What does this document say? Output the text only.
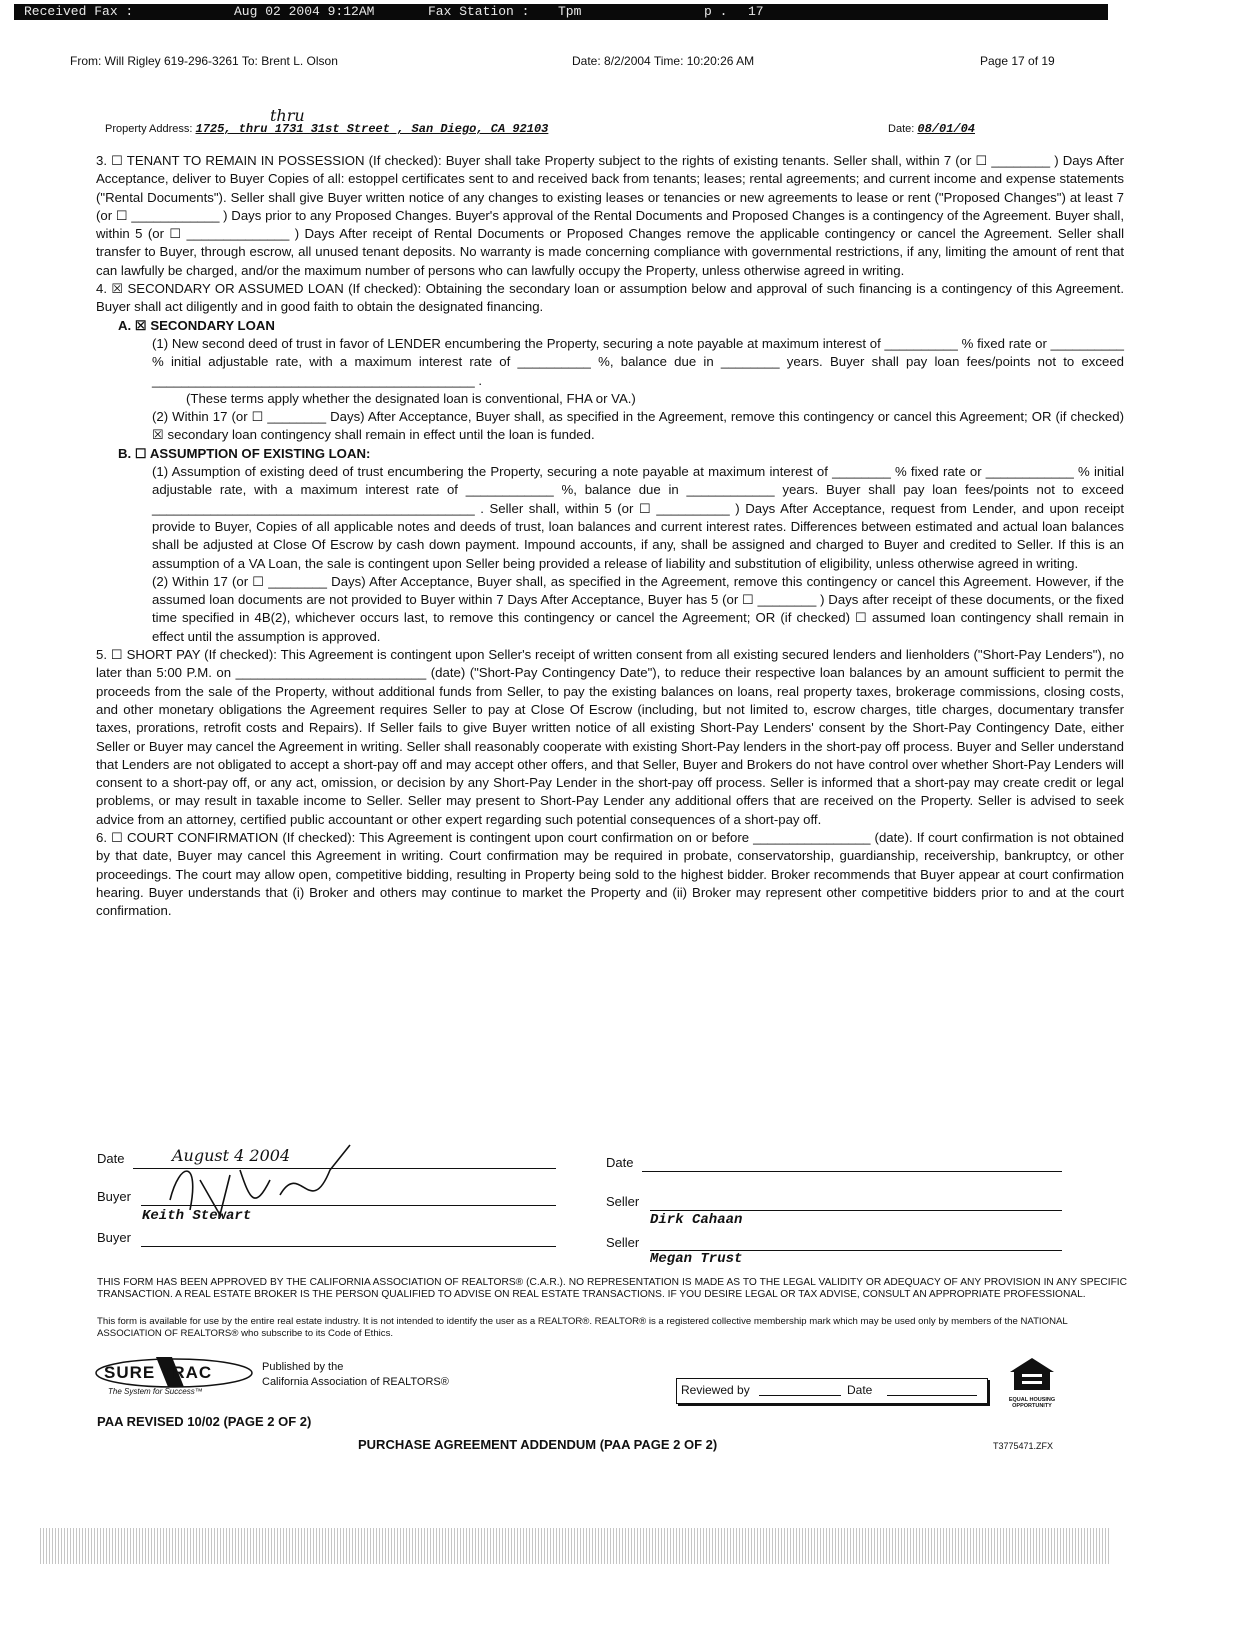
Received Fax :

	Aug 02 2004 9:12AM

	Fax Station :

Tpm

	p .

17

From: Will Rigley 619-296-3261 To: Brent L. Olson	Date: 8/2/2004 Time: 10:20:26 AM	Page 17 of 19
thru
Property Address: 1725, thru 1731 31st Street , San Diego, CA 92103	Date: 08/01/04

3. ☐ TENANT TO REMAIN IN POSSESSION (If checked): Buyer shall take Property subject to the rights of existing tenants. Seller shall, within 7 (or ☐ ________ ) Days After Acceptance, deliver to Buyer Copies of all: estoppel certificates sent to and received back from tenants; leases; rental agreements; and current income and expense statements ("Rental Documents"). Seller shall give Buyer written notice of any changes to existing leases or tenancies or new agreements to lease or rent ("Proposed Changes") at least 7 (or ☐ ____________ ) Days prior to any Proposed Changes. Buyer's approval of the Rental Documents and Proposed Changes is a contingency of the Agreement. Buyer shall, within 5 (or ☐ ______________ ) Days After receipt of Rental Documents or Proposed Changes remove the applicable contingency or cancel the Agreement. Seller shall transfer to Buyer, through escrow, all unused tenant deposits. No warranty is made concerning compliance with governmental restrictions, if any, limiting the amount of rent that can lawfully be charged, and/or the maximum number of persons who can lawfully occupy the Property, unless otherwise agreed in writing.

4. ☒ SECONDARY OR ASSUMED LOAN (If checked): Obtaining the secondary loan or assumption below and approval of such financing is a contingency of this Agreement. Buyer shall act diligently and in good faith to obtain the designated financing.

A. ☒ SECONDARY LOAN

(1) New second deed of trust in favor of LENDER encumbering the Property, securing a note payable at maximum interest of __________ % fixed rate or __________ % initial adjustable rate, with a maximum interest rate of __________ %, balance due in ________ years. Buyer shall pay loan fees/points not to exceed ____________________________________________ .

(These terms apply whether the designated loan is conventional, FHA or VA.)

(2) Within 17 (or ☐ ________ Days) After Acceptance, Buyer shall, as specified in the Agreement, remove this contingency or cancel this Agreement; OR (if checked) ☒ secondary loan contingency shall remain in effect until the loan is funded.

B. ☐ ASSUMPTION OF EXISTING LOAN:

(1) Assumption of existing deed of trust encumbering the Property, securing a note payable at maximum interest of ________ % fixed rate or ____________ % initial adjustable rate, with a maximum interest rate of ____________ %, balance due in ____________ years. Buyer shall pay loan fees/points not to exceed ____________________________________________ . Seller shall, within 5 (or ☐ __________ ) Days After Acceptance, request from Lender, and upon receipt provide to Buyer, Copies of all applicable notes and deeds of trust, loan balances and current interest rates. Differences between estimated and actual loan balances shall be adjusted at Close Of Escrow by cash down payment. Impound accounts, if any, shall be assigned and charged to Buyer and credited to Seller. If this is an assumption of a VA Loan, the sale is contingent upon Seller being provided a release of liability and substitution of eligibility, unless otherwise agreed in writing.

(2) Within 17 (or ☐ ________ Days) After Acceptance, Buyer shall, as specified in the Agreement, remove this contingency or cancel this Agreement. However, if the assumed loan documents are not provided to Buyer within 7 Days After Acceptance, Buyer has 5 (or ☐ ________ ) Days after receipt of these documents, or the fixed time specified in 4B(2), whichever occurs last, to remove this contingency or cancel the Agreement; OR (if checked) ☐ assumed loan contingency shall remain in effect until the assumption is approved.

5. ☐ SHORT PAY (If checked): This Agreement is contingent upon Seller's receipt of written consent from all existing secured lenders and lienholders ("Short-Pay Lenders"), no later than 5:00 P.M. on __________________________ (date) ("Short-Pay Contingency Date"), to reduce their respective loan balances by an amount sufficient to permit the proceeds from the sale of the Property, without additional funds from Seller, to pay the existing balances on loans, real property taxes, brokerage commissions, closing costs, and other monetary obligations the Agreement requires Seller to pay at Close Of Escrow (including, but not limited to, escrow charges, title charges, documentary transfer taxes, prorations, retrofit costs and Repairs). If Seller fails to give Buyer written notice of all existing Short-Pay Lenders' consent by the Short-Pay Contingency Date, either Seller or Buyer may cancel the Agreement in writing. Seller shall reasonably cooperate with existing Short-Pay lenders in the short-pay off process. Buyer and Seller understand that Lenders are not obligated to accept a short-pay off and may accept other offers, and that Seller, Buyer and Brokers do not have control over whether Short-Pay Lenders will consent to a short-pay off, or any act, omission, or decision by any Short-Pay Lender in the short-pay off process. Seller is informed that a short-pay may create credit or legal problems, or may result in taxable income to Seller. Seller may present to Short-Pay Lender any additional offers that are received on the Property. Seller is advised to seek advice from an attorney, certified public accountant or other expert regarding such potential consequences of a short-pay off.

6. ☐ COURT CONFIRMATION (If checked): This Agreement is contingent upon court confirmation on or before ________________ (date). If court confirmation is not obtained by that date, Buyer may cancel this Agreement in writing. Court confirmation may be required in probate, conservatorship, guardianship, receivership, bankruptcy, or other proceedings. The court may allow open, competitive bidding, resulting in Property being sold to the highest bidder. Broker recommends that Buyer appear at court confirmation hearing. Buyer understands that (i) Broker and others may continue to market the Property and (ii) Broker may represent other competitive bidders prior to and at the court confirmation.

Date	August 4 2004	Date
Buyer
Keith Stewart
Seller
Dirk Cahaan
Buyer	Seller
Megan Trust
THIS FORM HAS BEEN APPROVED BY THE CALIFORNIA ASSOCIATION OF REALTORS® (C.A.R.). NO REPRESENTATION IS MADE AS TO THE LEGAL VALIDITY OR ADEQUACY OF ANY PROVISION IN ANY SPECIFIC TRANSACTION. A REAL ESTATE BROKER IS THE PERSON QUALIFIED TO ADVISE ON REAL ESTATE TRANSACTIONS. IF YOU DESIRE LEGAL OR TAX ADVISE, CONSULT AN APPROPRIATE PROFESSIONAL.
This form is available for use by the entire real estate industry. It is not intended to identify the user as a REALTOR®. REALTOR® is a registered collective membership mark which may be used only by members of the NATIONAL ASSOCIATION OF REALTORS® who subscribe to its Code of Ethics.
SURE TRAC
The System for Success™
Published by the
California Association of REALTORS®
Reviewed by	Date
EQUAL HOUSING OPPORTUNITY
PAA REVISED 10/02 (PAGE 2 OF 2)
PURCHASE AGREEMENT ADDENDUM (PAA PAGE 2 OF 2)	T3775471.ZFX
